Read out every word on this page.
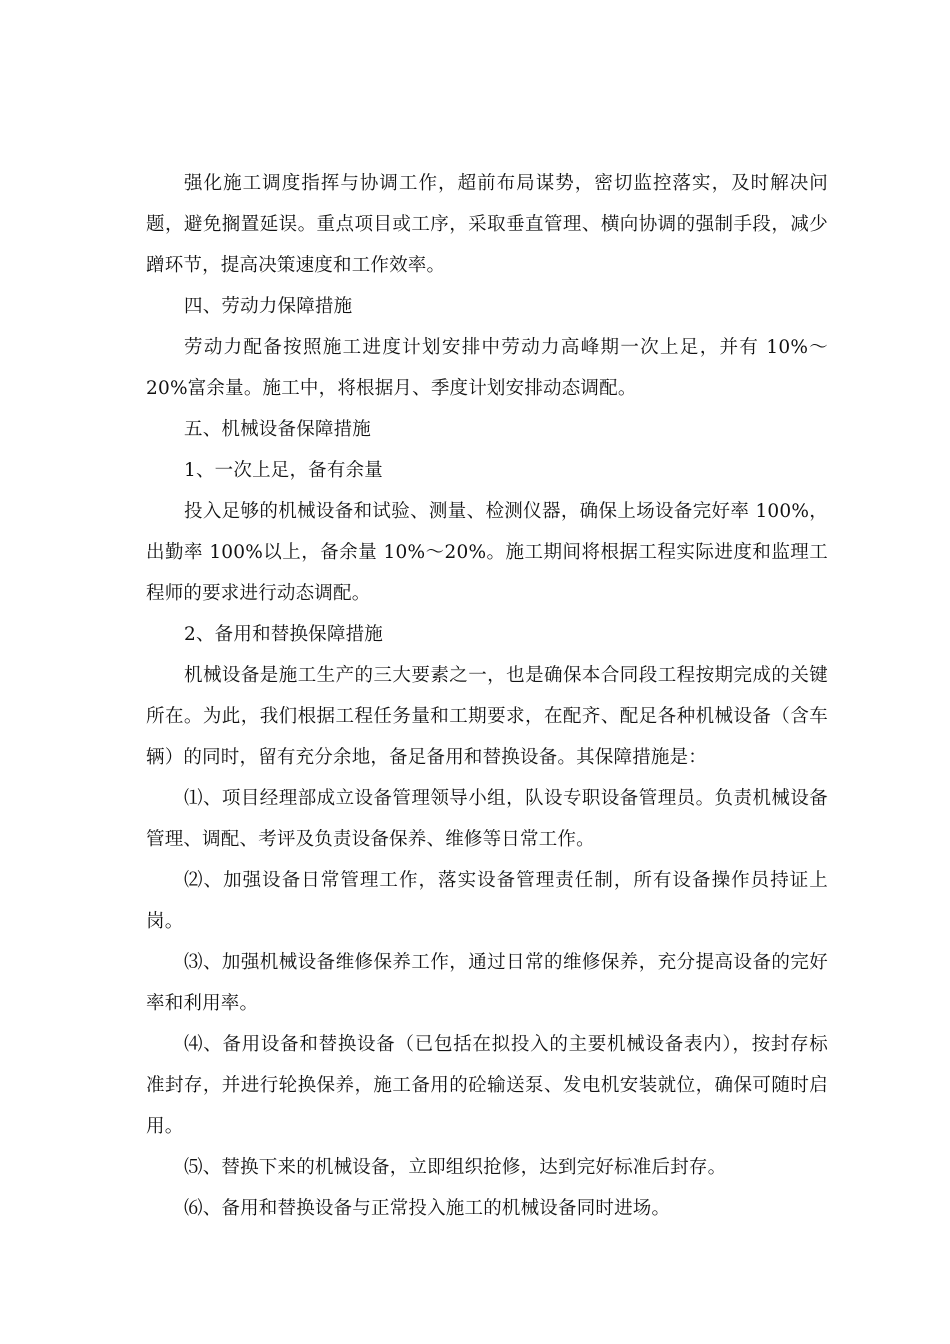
强化施工调度指挥与协调工作，超前布局谋势，密切监控落实，及时解决问题，避免搁置延误。重点项目或工序，采取垂直管理、横向协调的强制手段，减少蹭环节，提高决策速度和工作效率。

四、劳动力保障措施

劳动力配备按照施工进度计划安排中劳动力高峰期一次上足，并有 10%～20%富余量。施工中，将根据月、季度计划安排动态调配。

五、机械设备保障措施

1、一次上足，备有余量

投入足够的机械设备和试验、测量、检测仪器，确保上场设备完好率 100%，出勤率 100%以上，备余量 10%～20%。施工期间将根据工程实际进度和监理工程师的要求进行动态调配。

2、备用和替换保障措施

机械设备是施工生产的三大要素之一，也是确保本合同段工程按期完成的关键所在。为此，我们根据工程任务量和工期要求，在配齐、配足各种机械设备（含车辆）的同时，留有充分余地，备足备用和替换设备。其保障措施是：

⑴、项目经理部成立设备管理领导小组，队设专职设备管理员。负责机械设备管理、调配、考评及负责设备保养、维修等日常工作。

⑵、加强设备日常管理工作，落实设备管理责任制，所有设备操作员持证上岗。

⑶、加强机械设备维修保养工作，通过日常的维修保养，充分提高设备的完好率和利用率。

⑷、备用设备和替换设备（已包括在拟投入的主要机械设备表内），按封存标准封存，并进行轮换保养，施工备用的砼输送泵、发电机安装就位，确保可随时启用。

⑸、替换下来的机械设备，立即组织抢修，达到完好标准后封存。

⑹、备用和替换设备与正常投入施工的机械设备同时进场。
